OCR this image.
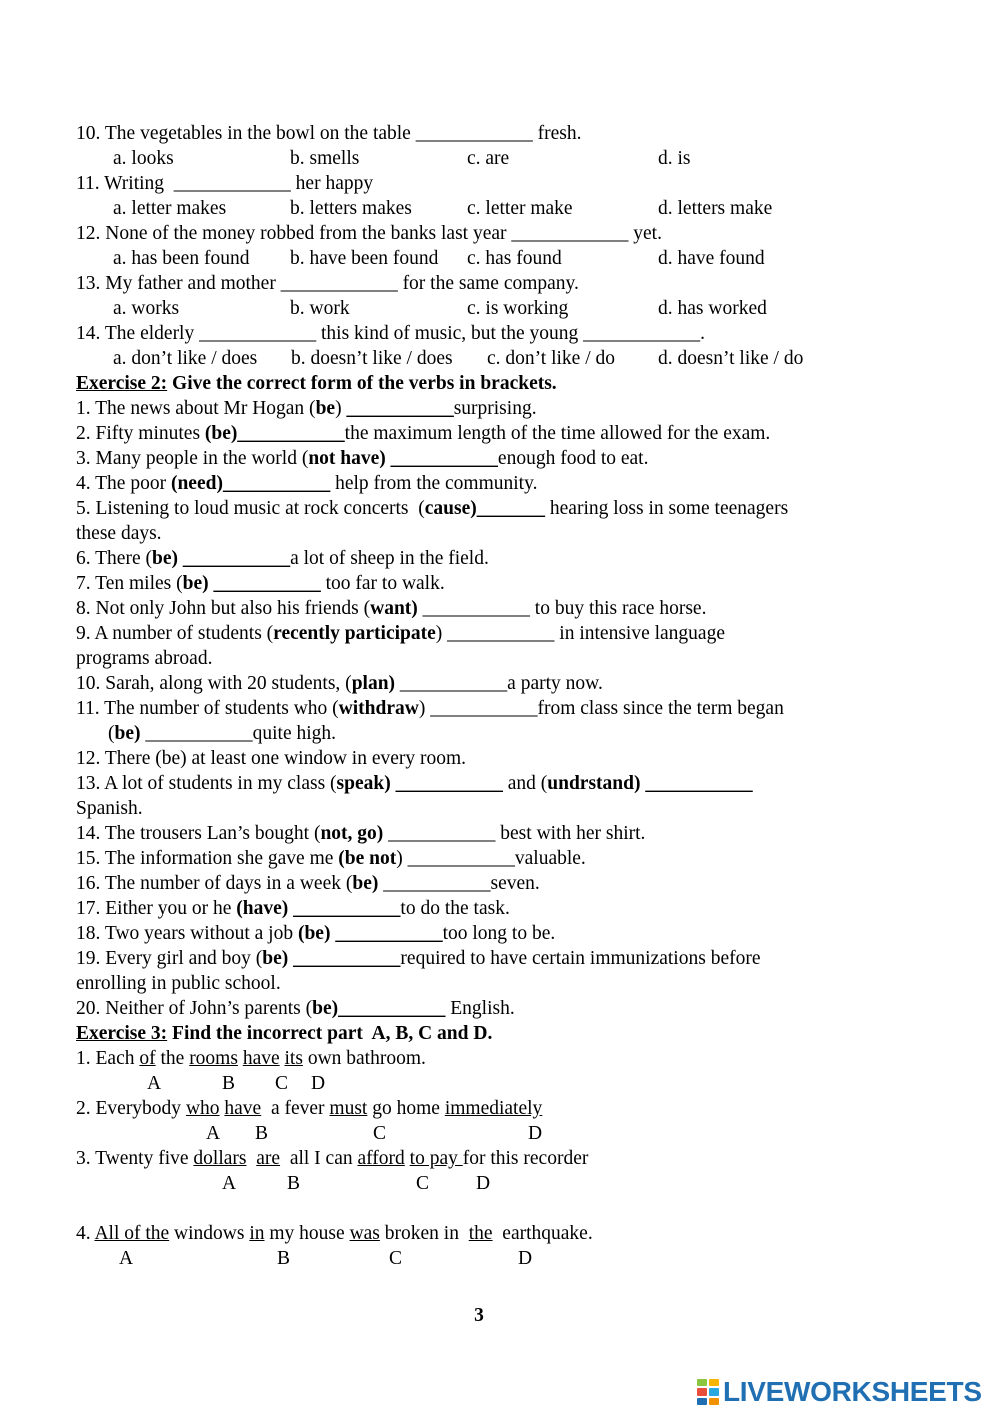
10. The vegetables in the bowl on the table ____________ fresh.
a. looks	b. smells	c. are	d. is
11. Writing  ____________ her happy
a. letter makes	b. letters makes	c. letter make	d. letters make
12. None of the money robbed from the banks last year ____________ yet.
a. has been found b. have been found c. has found	d. have found
13. My father and mother ____________ for the same company.
a. works	b. work	c. is working	d. has worked
14. The elderly ____________ this kind of music, but the young ____________.
a. don’t like / does b. doesn’t like / does c. don’t like / do d. doesn’t like / do
Exercise 2: Give the correct form of the verbs in brackets.
1. The news about Mr Hogan (be) ___________surprising.
2. Fifty minutes (be)___________the maximum length of the time allowed for the exam.
3. Many people in the world (not have) ___________enough food to eat.
4. The poor (need)___________ help from the community.
5. Listening to loud music at rock concerts  (cause)_______ hearing loss in some teenagers
these days.
6. There (be) ___________a lot of sheep in the field.
7. Ten miles (be) ___________ too far to walk.
8. Not only John but also his friends (want) ___________ to buy this race horse.
9. A number of students (recently participate) ___________ in intensive language
programs abroad.
10. Sarah, along with 20 students, (plan) ___________a party now.
11. The number of students who (withdraw) ___________from class since the term began
(be) ___________quite high.
12. There (be) at least one window in every room.
13. A lot of students in my class (speak) ___________ and (undrstand) ___________
Spanish.
14. The trousers Lan’s bought (not, go) ___________ best with her shirt.
15. The information she gave me (be not) ___________valuable.
16. The number of days in a week (be) ___________seven.
17. Either you or he (have) ___________to do the task.
18. Two years without a job (be) ___________too long to be.
19. Every girl and boy (be) ___________required to have certain immunizations before
enrolling in public school.
20. Neither of John’s parents (be)___________ English.
Exercise 3: Find the incorrect part  A, B, C and D.
1. Each of the rooms have its own bathroom.
A	B C D
2. Everybody who have  a fever must go home immediately
A B	C	D
3. Twenty five dollars are  all I can afford to pay for this recorder
A	B	C D
4. All of the windows in my house was broken in  the  earthquake.
A	B	C	D
3
LIVEWORKSHEETS
